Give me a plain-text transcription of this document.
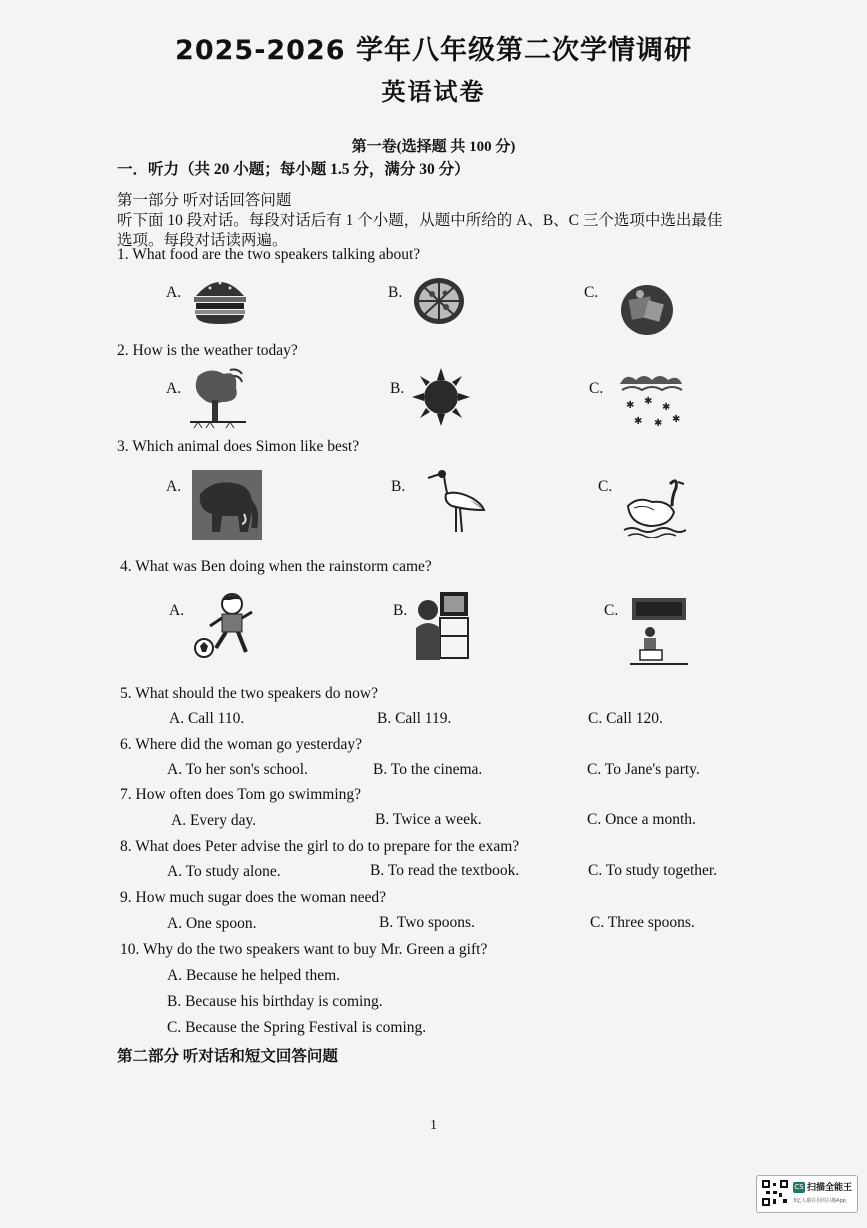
2025-2026 学年八年级第二次学情调研
英语试卷
第一卷(选择题 共 100 分)
一．听力（共 20 小题；每小题 1.5 分，满分 30 分）
第一部分 听对话回答问题
听下面 10 段对话。每段对话后有 1 个小题，从题中所给的 A、B、C 三个选项中选出最佳
选项。每段对话读两遍。
1. What food are the two speakers talking about?
A.	B.	C.
2. How is the weather today?
A.	B.	C.
✱ ✱
✱
✱ ✱ ✱
3. Which animal does Simon like best?
A.	B.	C.
4. What was Ben doing when the rainstorm came?
A.	B.	C.
5. What should the two speakers do now?
A. Call 110.	B. Call 119.	C. Call 120.
6. Where did the woman go yesterday?
A. To her son's school.	B. To the cinema.	C. To Jane's party.
7. How often does Tom go swimming?
A. Every day.	B. Twice a week.	C. Once a month.
8. What does Peter advise the girl to do to prepare for the exam?
A. To study alone.	B. To read the textbook.	C. To study together.
9. How much sugar does the woman need?
A. One spoon.	B. Two spoons.	C. Three spoons.
10. Why do the two speakers want to buy Mr. Green a gift?
A. Because he helped them.
B. Because his birthday is coming.
C. Because the Spring Festival is coming.
第二部分 听对话和短文回答问题
1
CS 扫描全能王
3亿人都在用的扫描App
